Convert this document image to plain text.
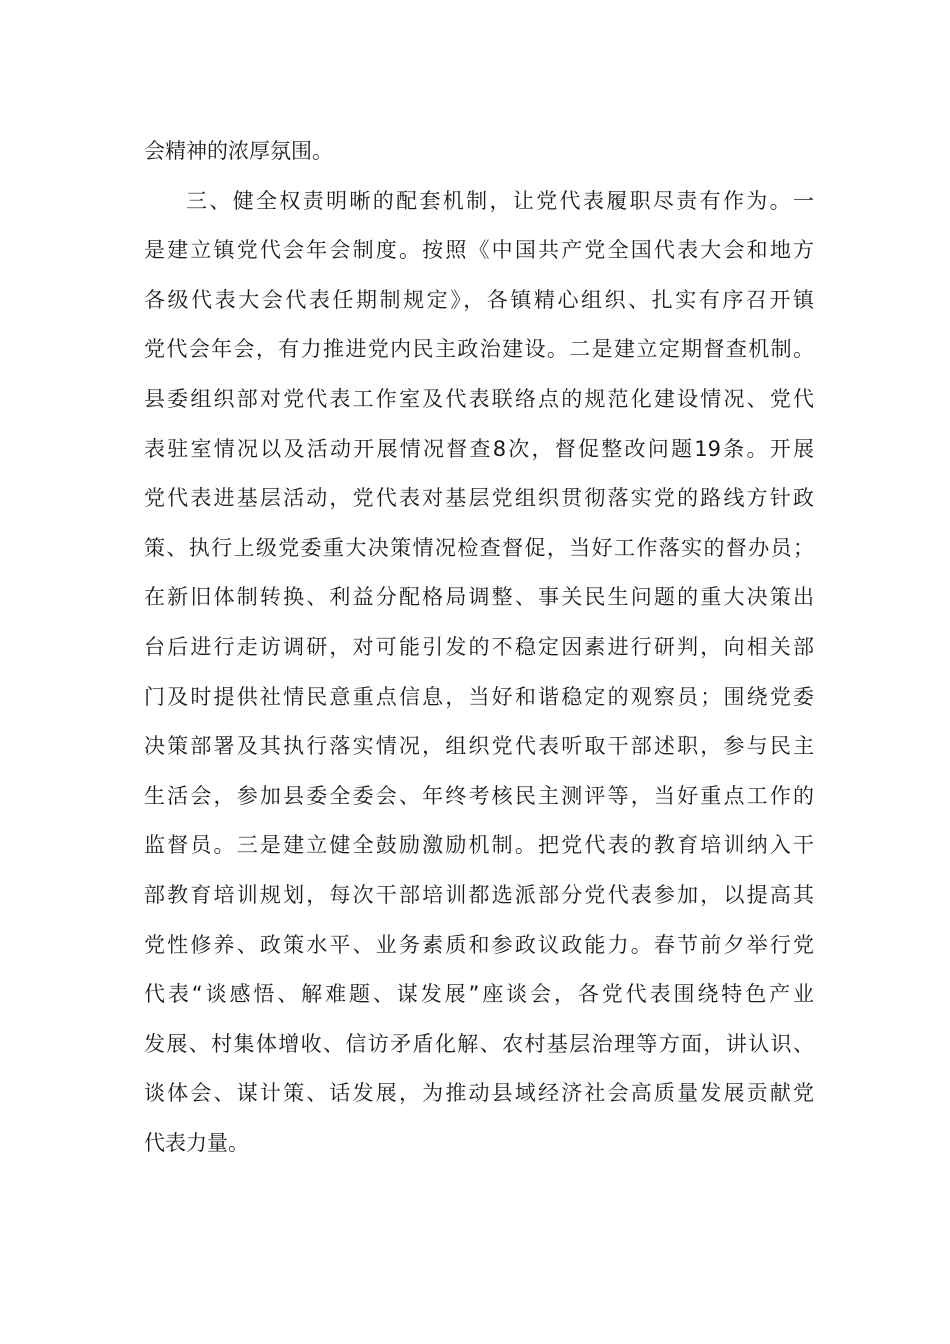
会精神的浓厚氛围。
三、健全权责明晰的配套机制，让党代表履职尽责有作为。一
是建立镇党代会年会制度。按照《中国共产党全国代表大会和地方
各级代表大会代表任期制规定》，各镇精心组织、扎实有序召开镇
党代会年会，有力推进党内民主政治建设。二是建立定期督查机制。
县委组织部对党代表工作室及代表联络点的规范化建设情况、党代
表驻室情况以及活动开展情况督查8次，督促整改问题19条。开展
党代表进基层活动，党代表对基层党组织贯彻落实党的路线方针政
策、执行上级党委重大决策情况检查督促，当好工作落实的督办员；
在新旧体制转换、利益分配格局调整、事关民生问题的重大决策出
台后进行走访调研，对可能引发的不稳定因素进行研判，向相关部
门及时提供社情民意重点信息，当好和谐稳定的观察员；围绕党委
决策部署及其执行落实情况，组织党代表听取干部述职，参与民主
生活会，参加县委全委会、年终考核民主测评等，当好重点工作的
监督员。三是建立健全鼓励激励机制。把党代表的教育培训纳入干
部教育培训规划，每次干部培训都选派部分党代表参加，以提高其
党性修养、政策水平、业务素质和参政议政能力。春节前夕举行党
代表“谈感悟、解难题、谋发展”座谈会，各党代表围绕特色产业
发展、村集体增收、信访矛盾化解、农村基层治理等方面，讲认识、
谈体会、谋计策、话发展，为推动县域经济社会高质量发展贡献党
代表力量。
